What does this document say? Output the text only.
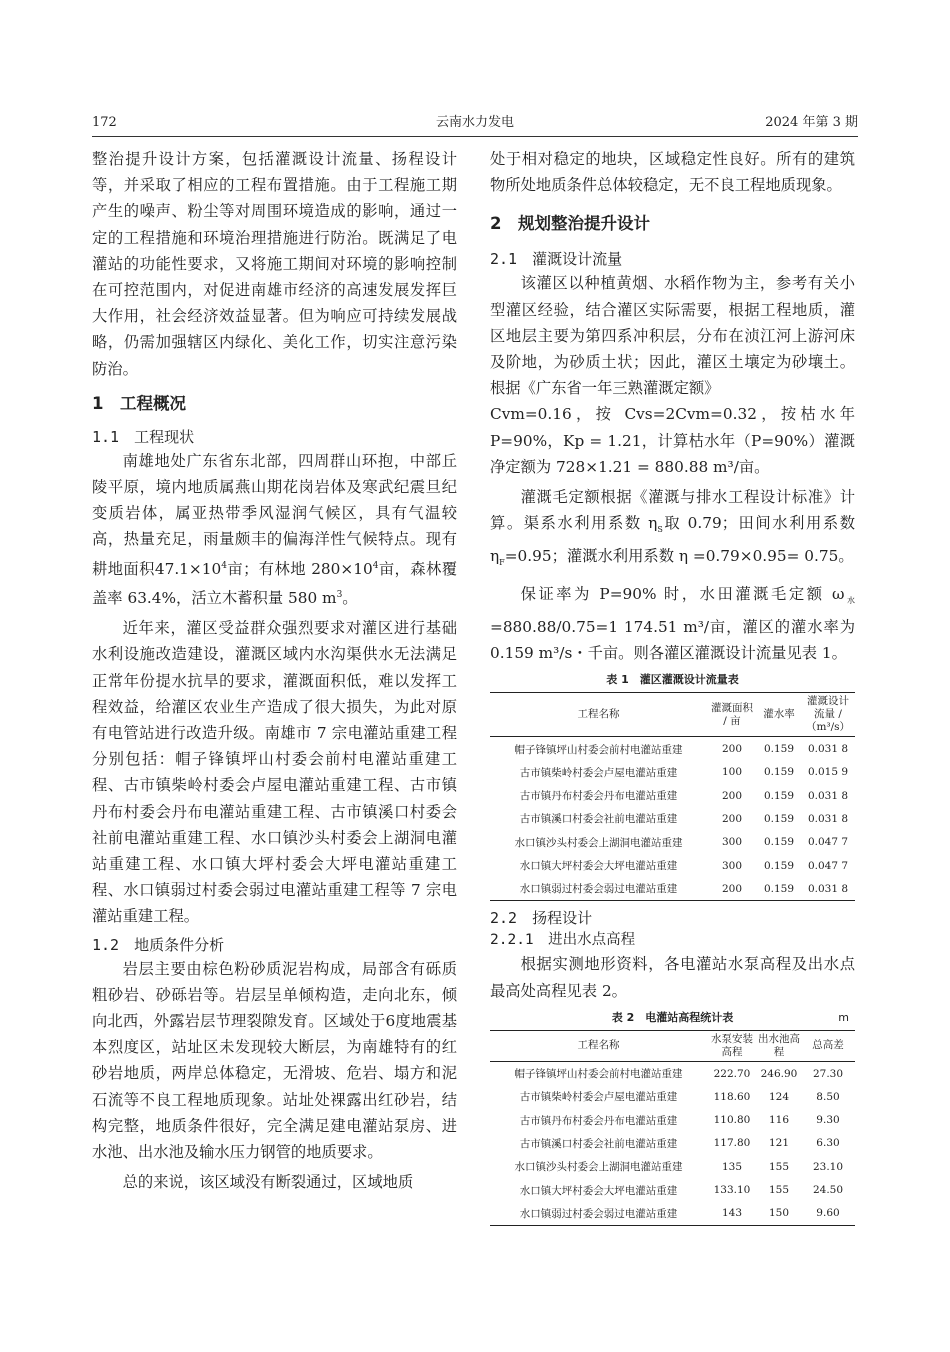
172	云南水力发电	2024 年第 3 期

整治提升设计方案，包括灌溉设计流量、扬程设计等，并采取了相应的工程布置措施。由于工程施工期产生的噪声、粉尘等对周围环境造成的影响，通过一定的工程措施和环境治理措施进行防治。既满足了电灌站的功能性要求，又将施工期间对环境的影响控制在可控范围内，对促进南雄市经济的高速发展发挥巨大作用，社会经济效益显著。但为响应可持续发展战略，仍需加强辖区内绿化、美化工作，切实注意污染防治。

1　工程概况

1.1　工程现状

南雄地处广东省东北部，四周群山环抱，中部丘陵平原，境内地质属燕山期花岗岩体及寒武纪震旦纪变质岩体，属亚热带季风湿润气候区，具有气温较高，热量充足，雨量颇丰的偏海洋性气候特点。现有耕地面积$47.1\times 10^4$亩；有林地 $280\times 10^4$亩，森林覆盖率 63.4%，活立木蓄积量 580 $m^3$。

近年来，灌区受益群众强烈要求对灌区进行基础水利设施改造建设，灌溉区域内水沟渠供水无法满足正常年份提水抗旱的要求，灌溉面积低，难以发挥工程效益，给灌区农业生产造成了很大损失，为此对原有电管站进行改造升级。南雄市 7 宗电灌站重建工程分别包括：帽子锋镇坪山村委会前村电灌站重建工程、古市镇柴岭村委会卢屋电灌站重建工程、古市镇丹布村委会丹布电灌站重建工程、古市镇溪口村委会社前电灌站重建工程、水口镇沙头村委会上湖洞电灌站重建工程、水口镇大坪村委会大坪电灌站重建工程、水口镇弱过村委会弱过电灌站重建工程等 7 宗电灌站重建工程。

1.2　地质条件分析

岩层主要由棕色粉砂质泥岩构成，局部含有砾质粗砂岩、砂砾岩等。岩层呈单倾构造，走向北东，倾向北西，外露岩层节理裂隙发育。区域处于6度地震基本烈度区，站址区未发现较大断层，为南雄特有的红砂岩地质，两岸总体稳定，无滑坡、危岩、塌方和泥石流等不良工程地质现象。站址处裸露出红砂岩，结构完整，地质条件很好，完全满足建电灌站泵房、进水池、出水池及输水压力钢管的地质要求。

总的来说，该区域没有断裂通过，区域地质

处于相对稳定的地块，区域稳定性良好。所有的建筑物所处地质条件总体较稳定，无不良工程地质现象。

2　规划整治提升设计

2.1　灌溉设计流量

该灌区以种植黄烟、水稻作物为主，参考有关小型灌区经验，结合灌区实际需要，根据工程地质，灌区地层主要为第四系冲积层，分布在浈江河上游河床及阶地，为砂质土状；因此，灌区土壤定为砂壤土。根据《广东省一年三熟灌溉定额》

Cvm=0.16，按 Cvs=2Cvm=0.32，按枯水年 P=90%，Kp = 1.21，计算枯水年（P=90%）灌溉净定额为 728×1.21 = 880.88 m³/亩。

灌溉毛定额根据《灌溉与排水工程设计标准》计算。渠系水利用系数 $\eta_S$取 0.79；田间水利用系数 $\eta_F=0.95$；灌溉水利用系数 η =0.79×0.95= 0.75。

保证率为 P=90% 时，水田灌溉毛定额 $\omega_水=880.88/0.75=1$ 174.51 m³/亩，灌区的灌水率为0.159 m³/s・千亩。则各灌区灌溉设计流量见表 1。

表 1　灌区灌溉设计流量表

工程名称	灌溉面积 / 亩	灌水率	灌溉设计流量 /（m³/s）
帽子锋镇坪山村委会前村电灌站重建	200	0.159	0.031 8
古市镇柴岭村委会卢屋电灌站重建	100	0.159	0.015 9
古市镇丹布村委会丹布电灌站重建	200	0.159	0.031 8
古市镇溪口村委会社前电灌站重建	200	0.159	0.031 8
水口镇沙头村委会上湖洞电灌站重建	300	0.159	0.047 7
水口镇大坪村委会大坪电灌站重建	300	0.159	0.047 7
水口镇弱过村委会弱过电灌站重建	200	0.159	0.031 8

2.2　扬程设计

2.2.1　进出水点高程

根据实测地形资料，各电灌站水泵高程及出水点最高处高程见表 2。

表 2　电灌站高程统计表	m

工程名称	水泵安装高程	出水池高程	总高差
帽子锋镇坪山村委会前村电灌站重建	222.70	246.90	27.30
古市镇柴岭村委会卢屋电灌站重建	118.60	124	8.50
古市镇丹布村委会丹布电灌站重建	110.80	116	9.30
古市镇溪口村委会社前电灌站重建	117.80	121	6.30
水口镇沙头村委会上湖洞电灌站重建	135	155	23.10
水口镇大坪村委会大坪电灌站重建	133.10	155	24.50
水口镇弱过村委会弱过电灌站重建	143	150	9.60
